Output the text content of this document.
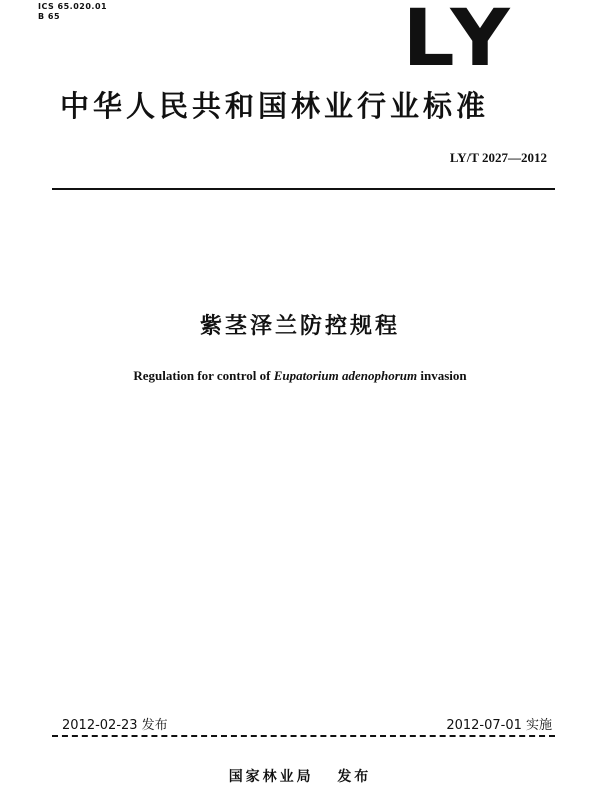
ICS 65.020.01
B 65	LY
中华人民共和国林业行业标准
LY/T 2027—2012
紫茎泽兰防控规程
Regulation for control of Eupatorium adenophorum invasion
2012-02-23 发布	2012-07-01 实施
国家林业局 发布
